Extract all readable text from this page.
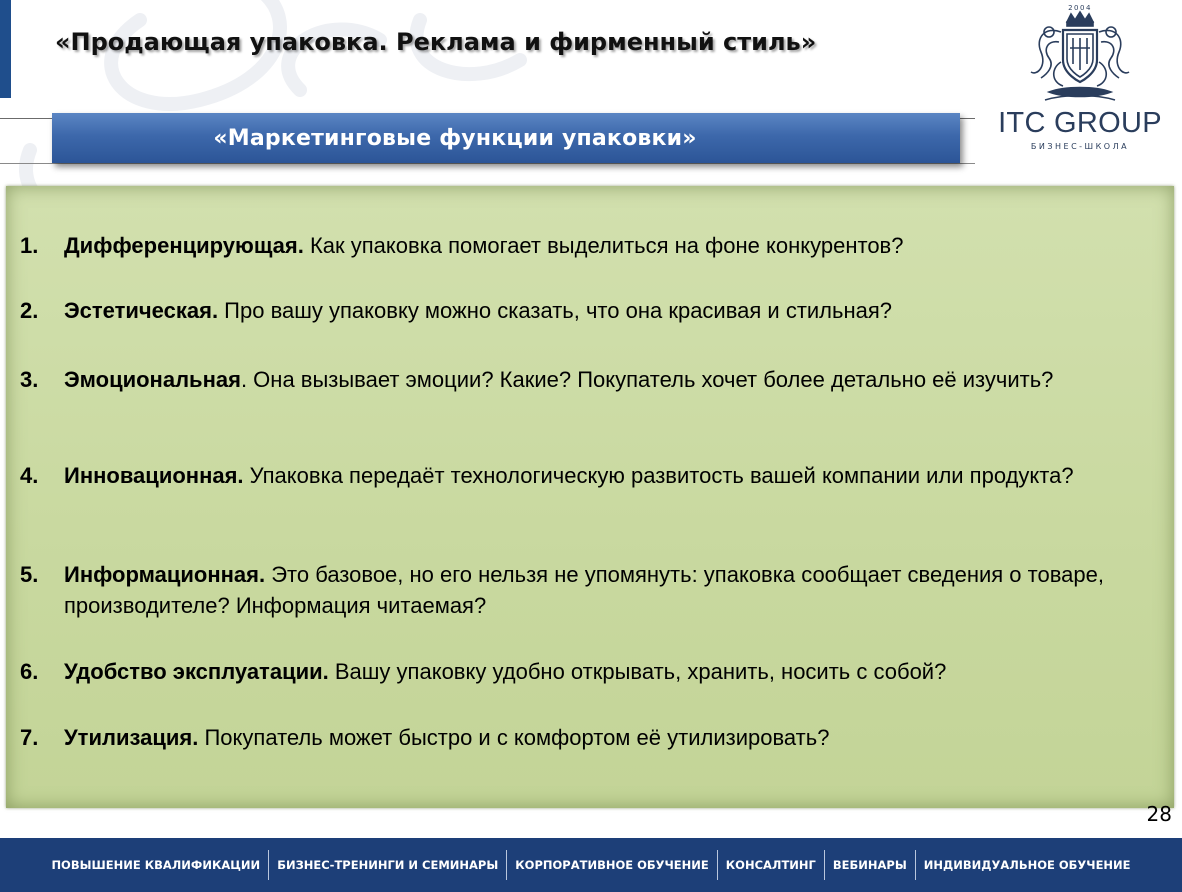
«Продающая упаковка. Реклама и фирменный стиль»
«Маркетинговые функции упаковки»
2004
ITC GROUP
БИЗНЕС-ШКОЛА
1. Дифференцирующая. Как упаковка помогает выделиться на фоне конкурентов?
2. Эстетическая. Про вашу упаковку можно сказать, что она красивая и стильная?
3. Эмоциональная. Она вызывает эмоции? Какие? Покупатель хочет более детально её изучить?
4. Инновационная. Упаковка передаёт технологическую развитость вашей компании или продукта?
5. Информационная. Это базовое, но его нельзя не упомянуть: упаковка сообщает сведения о товаре, производителе? Информация читаемая?
6. Удобство эксплуатации. Вашу упаковку удобно открывать, хранить, носить с собой?
7. Утилизация. Покупатель может быстро и с комфортом её утилизировать?
28
ПОВЫШЕНИЕ КВАЛИФИКАЦИИ	БИЗНЕС-ТРЕНИНГИ И СЕМИНАРЫ	КОРПОРАТИВНОЕ ОБУЧЕНИЕ	КОНСАЛТИНГ	ВЕБИНАРЫ	ИНДИВИДУАЛЬНОЕ ОБУЧЕНИЕ
